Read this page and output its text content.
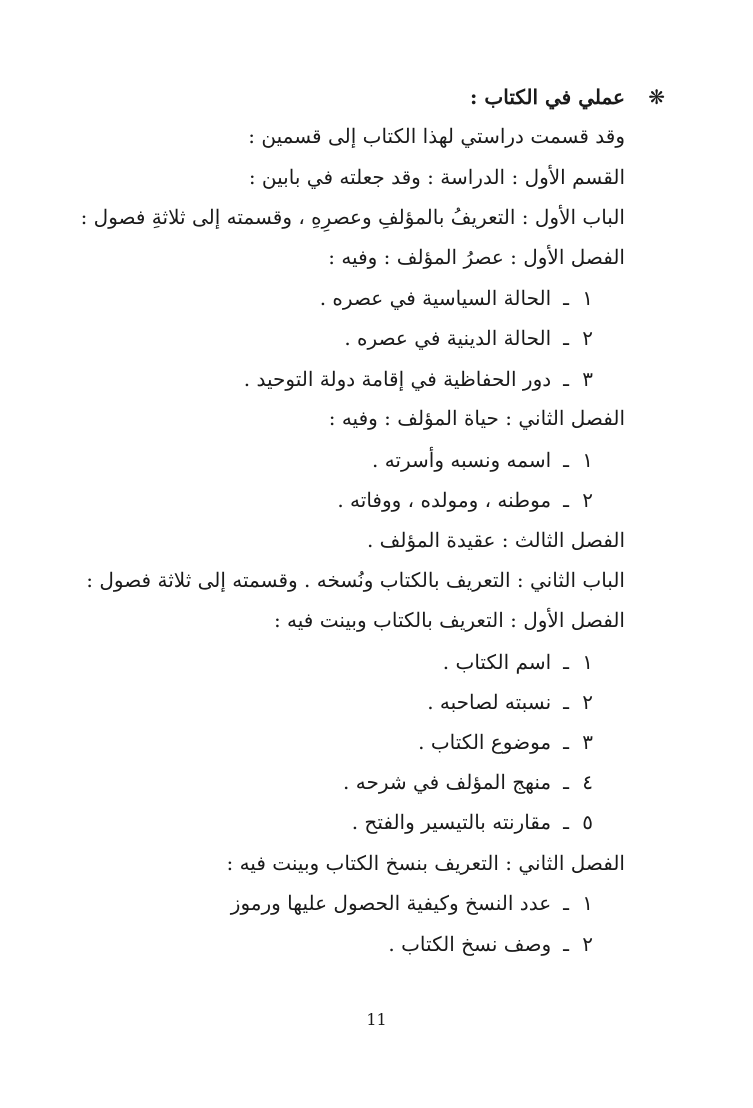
❋
عملي في الكتاب :
وقد قسمت دراستي لهذا الكتاب إلى قسمين :
القسم الأول : الدراسة : وقد جعلته في بابين :
الباب الأول : التعريفُ بالمؤلفِ وعصرِهِ ، وقسمته إلى ثلاثةِ فصول :
الفصل الأول : عصرُ المؤلف : وفيه :
١ـالحالة السياسية في عصره .
٢ـالحالة الدينية في عصره .
٣ـدور الحفاظية في إقامة دولة التوحيد .
الفصل الثاني : حياة المؤلف : وفيه :
١ـاسمه ونسبه وأسرته .
٢ـموطنه ، ومولده ، ووفاته .
الفصل الثالث : عقيدة المؤلف .
الباب الثاني : التعريف بالكتاب ونُسخه . وقسمته إلى ثلاثة فصول :
الفصل الأول : التعريف بالكتاب وبينت فيه :
١ـاسم الكتاب .
٢ـنسبته لصاحبه .
٣ـموضوع الكتاب .
٤ـمنهج المؤلف في شرحه .
٥ـمقارنته بالتيسير والفتح .
الفصل الثاني : التعريف بنسخ الكتاب وبينت فيه :
١ـعدد النسخ وكيفية الحصول عليها ورموز
٢ـوصف نسخ الكتاب .
11
